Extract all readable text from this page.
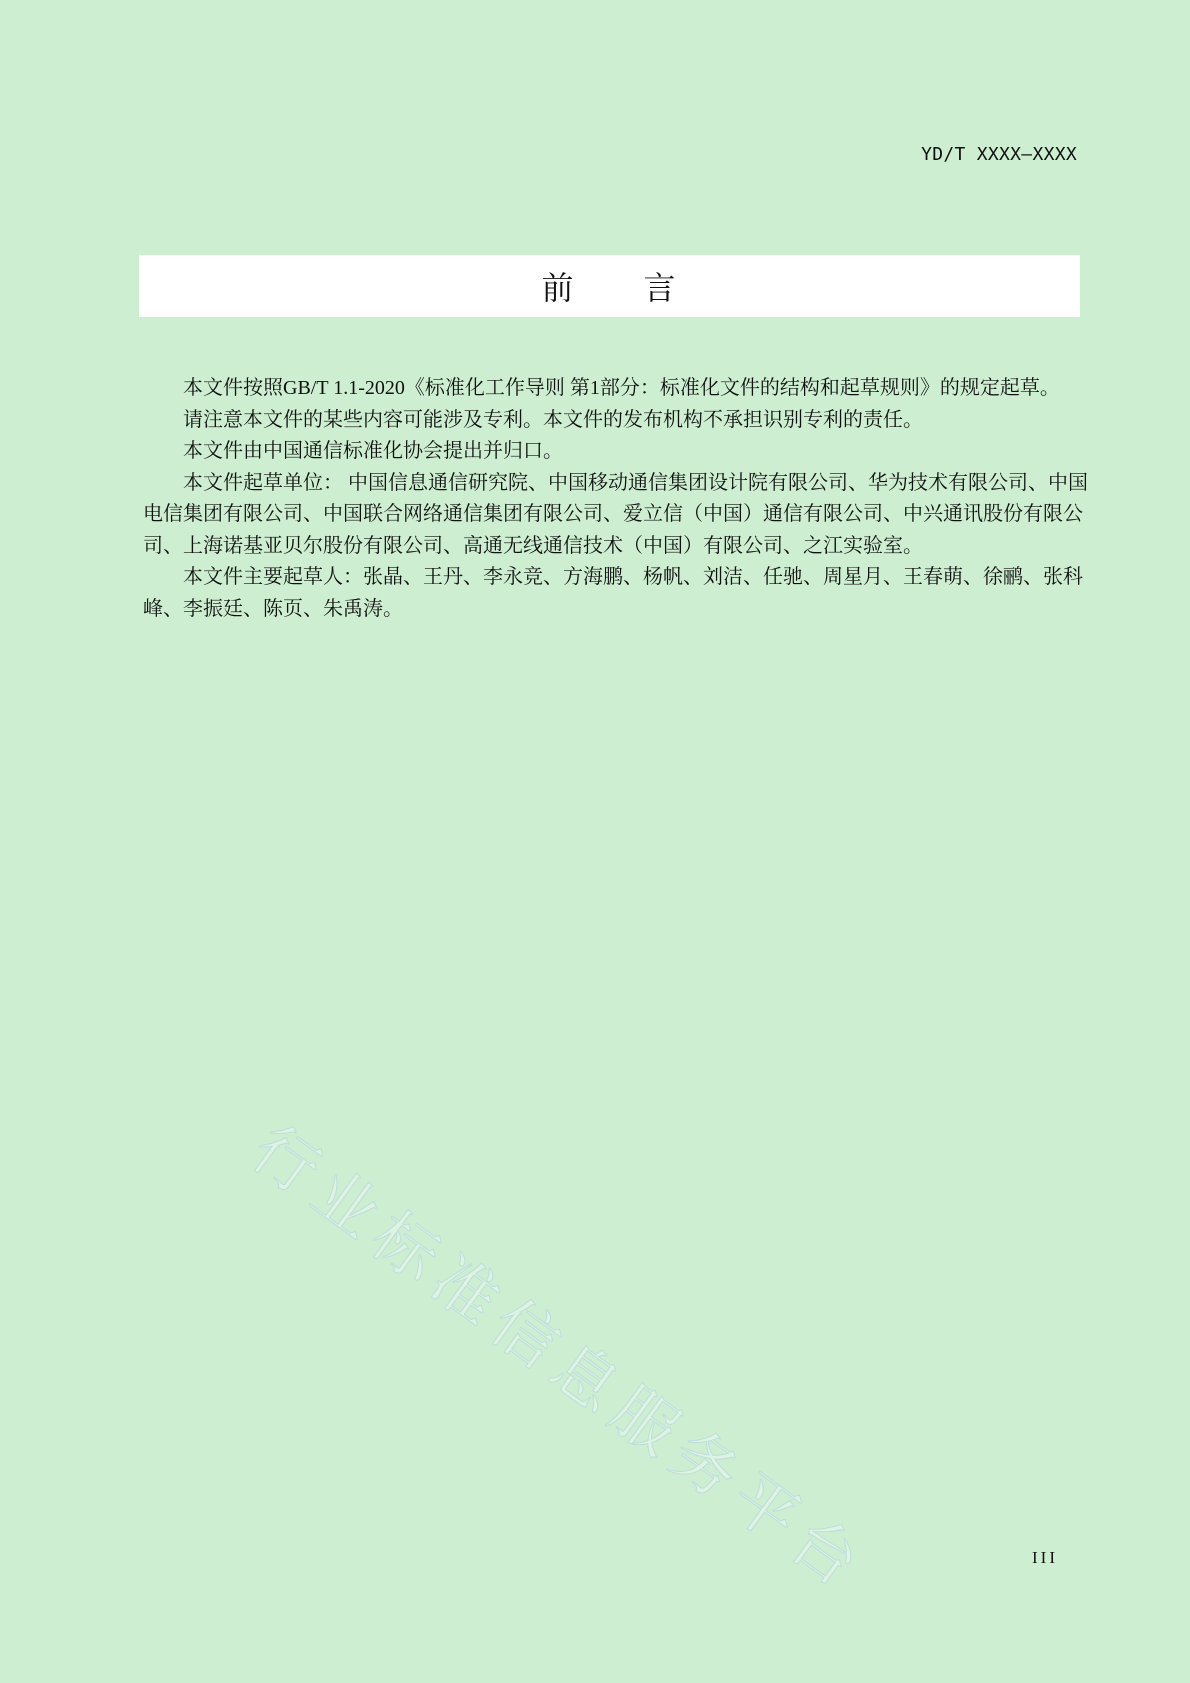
YD/T XXXX—XXXX
前　　言

本文件按照GB/T 1.1-2020《标准化工作导则 第1部分：标准化文件的结构和起草规则》的规定起草。

请注意本文件的某些内容可能涉及专利。本文件的发布机构不承担识别专利的责任。

本文件由中国通信标准化协会提出并归口。

本文件起草单位： 中国信息通信研究院、中国移动通信集团设计院有限公司、华为技术有限公司、中国电信集团有限公司、中国联合网络通信集团有限公司、爱立信（中国）通信有限公司、中兴通讯股份有限公司、上海诺基亚贝尔股份有限公司、高通无线通信技术（中国）有限公司、之江实验室。

本文件主要起草人：张晶、王丹、李永竞、方海鹏、杨帆、刘洁、任驰、周星月、王春萌、徐鹂、张科峰、李振廷、陈页、朱禹涛。

行业标准信息服务平台	III
